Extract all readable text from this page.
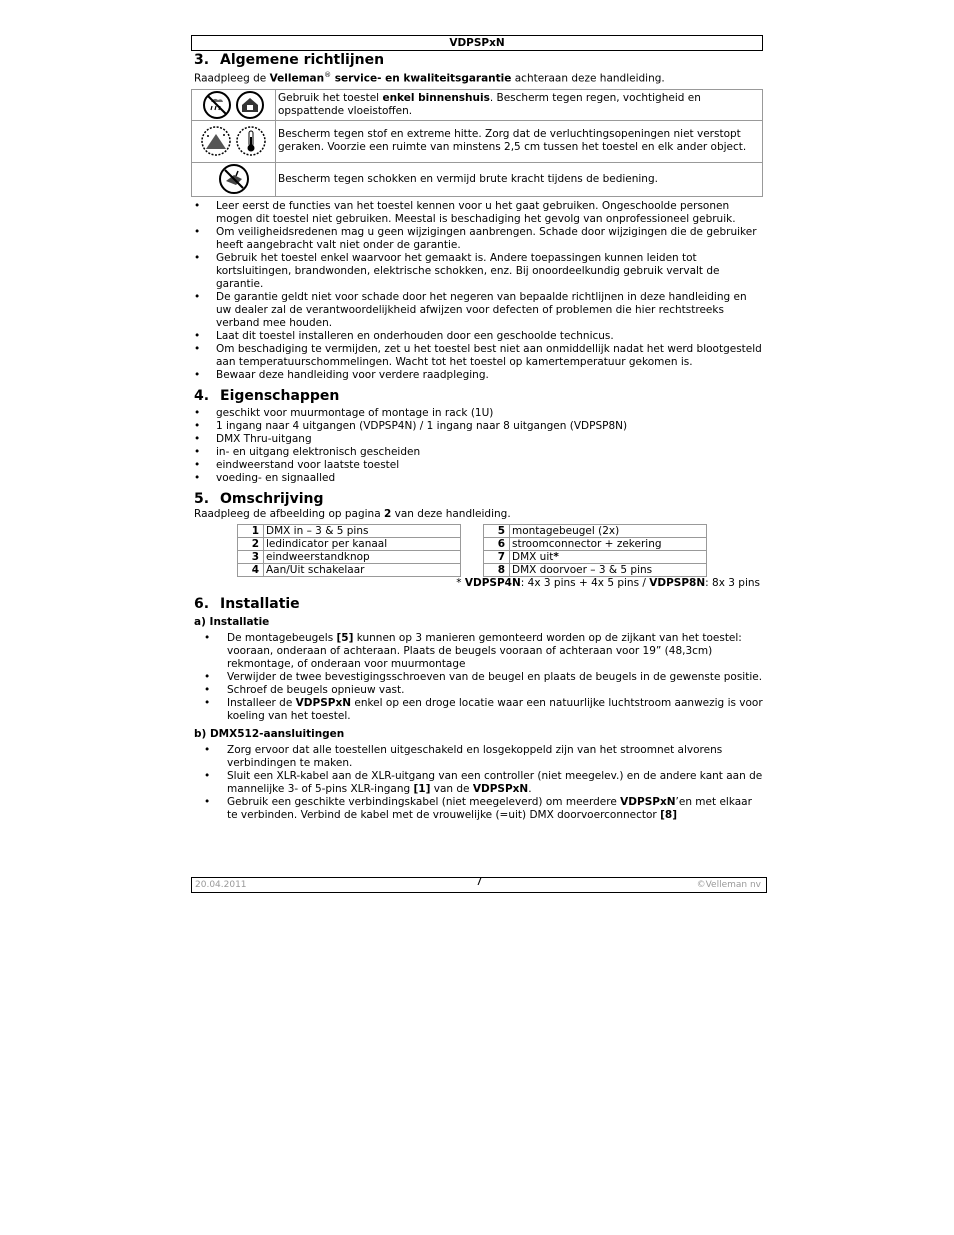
VDPSPxN
3. Algemene richtlijnen

Raadpleeg de Velleman® service- en kwaliteitsgarantie achteraan deze handleiding.

	Gebruik het toestel enkel binnenshuis. Bescherm tegen regen, vochtigheid en opspattende vloeistoffen.

	Bescherm tegen stof en extreme hitte. Zorg dat de verluchtingsopeningen niet verstopt geraken. Voorzie een ruimte van minstens 2,5 cm tussen het toestel en elk ander object.

	Bescherm tegen schokken en vermijd brute kracht tijdens de bediening.
• Leer eerst de functies van het toestel kennen voor u het gaat gebruiken. Ongeschoolde personen mogen dit toestel niet gebruiken. Meestal is beschadiging het gevolg van onprofessioneel gebruik.
• Om veiligheidsredenen mag u geen wijzigingen aanbrengen. Schade door wijzigingen die de gebruiker heeft aangebracht valt niet onder de garantie.
• Gebruik het toestel enkel waarvoor het gemaakt is. Andere toepassingen kunnen leiden tot kortsluitingen, brandwonden, elektrische schokken, enz. Bij onoordeelkundig gebruik vervalt de garantie.
• De garantie geldt niet voor schade door het negeren van bepaalde richtlijnen in deze handleiding en uw dealer zal de verantwoordelijkheid afwijzen voor defecten of problemen die hier rechtstreeks verband mee houden.
• Laat dit toestel installeren en onderhouden door een geschoolde technicus.
• Om beschadiging te vermijden, zet u het toestel best niet aan onmiddellijk nadat het werd blootgesteld aan temperatuurschommelingen. Wacht tot het toestel op kamertemperatuur gekomen is.
• Bewaar deze handleiding voor verdere raadpleging.
4. Eigenschappen
• geschikt voor muurmontage of montage in rack (1U)
• 1 ingang naar 4 uitgangen (VDPSP4N) / 1 ingang naar 8 uitgangen (VDPSP8N)
• DMX Thru-uitgang
• in- en uitgang elektronisch gescheiden
• eindweerstand voor laatste toestel
• voeding- en signaalled
5. Omschrijving

Raadpleeg de afbeelding op pagina 2 van deze handleiding.

1	DMX in – 3 & 5 pins
2	ledindicator per kanaal
3	eindweerstandknop
4	Aan/Uit schakelaar
5	montagebeugel (2x)
6	stroomconnector + zekering
7	DMX uit*
8	DMX doorvoer – 3 & 5 pins
* VDPSP4N: 4x 3 pins + 4x 5 pins / VDPSP8N: 8x 3 pins
6. Installatie
a) Installatie
• De montagebeugels [5] kunnen op 3 manieren gemonteerd worden op de zijkant van het toestel: vooraan, onderaan of achteraan. Plaats de beugels vooraan of achteraan voor 19” (48,3cm) rekmontage, of onderaan voor muurmontage
• Verwijder de twee bevestigingsschroeven van de beugel en plaats de beugels in de gewenste positie.
• Schroef de beugels opnieuw vast.
• Installeer de VDPSPxN enkel op een droge locatie waar een natuurlijke luchtstroom aanwezig is voor koeling van het toestel.
b) DMX512-aansluitingen
• Zorg ervoor dat alle toestellen uitgeschakeld en losgekoppeld zijn van het stroomnet alvorens verbindingen te maken.
• Sluit een XLR-kabel aan de XLR-uitgang van een controller (niet meegelev.) en de andere kant aan de mannelijke 3- of 5-pins XLR-ingang [1] van de VDPSPxN.
• Gebruik een geschikte verbindingskabel (niet meegeleverd) om meerdere VDPSPxN’en met elkaar te verbinden. Verbind de kabel met de vrouwelijke (=uit) DMX doorvoerconnector [8]
20.04.2011	7	©Velleman nv
